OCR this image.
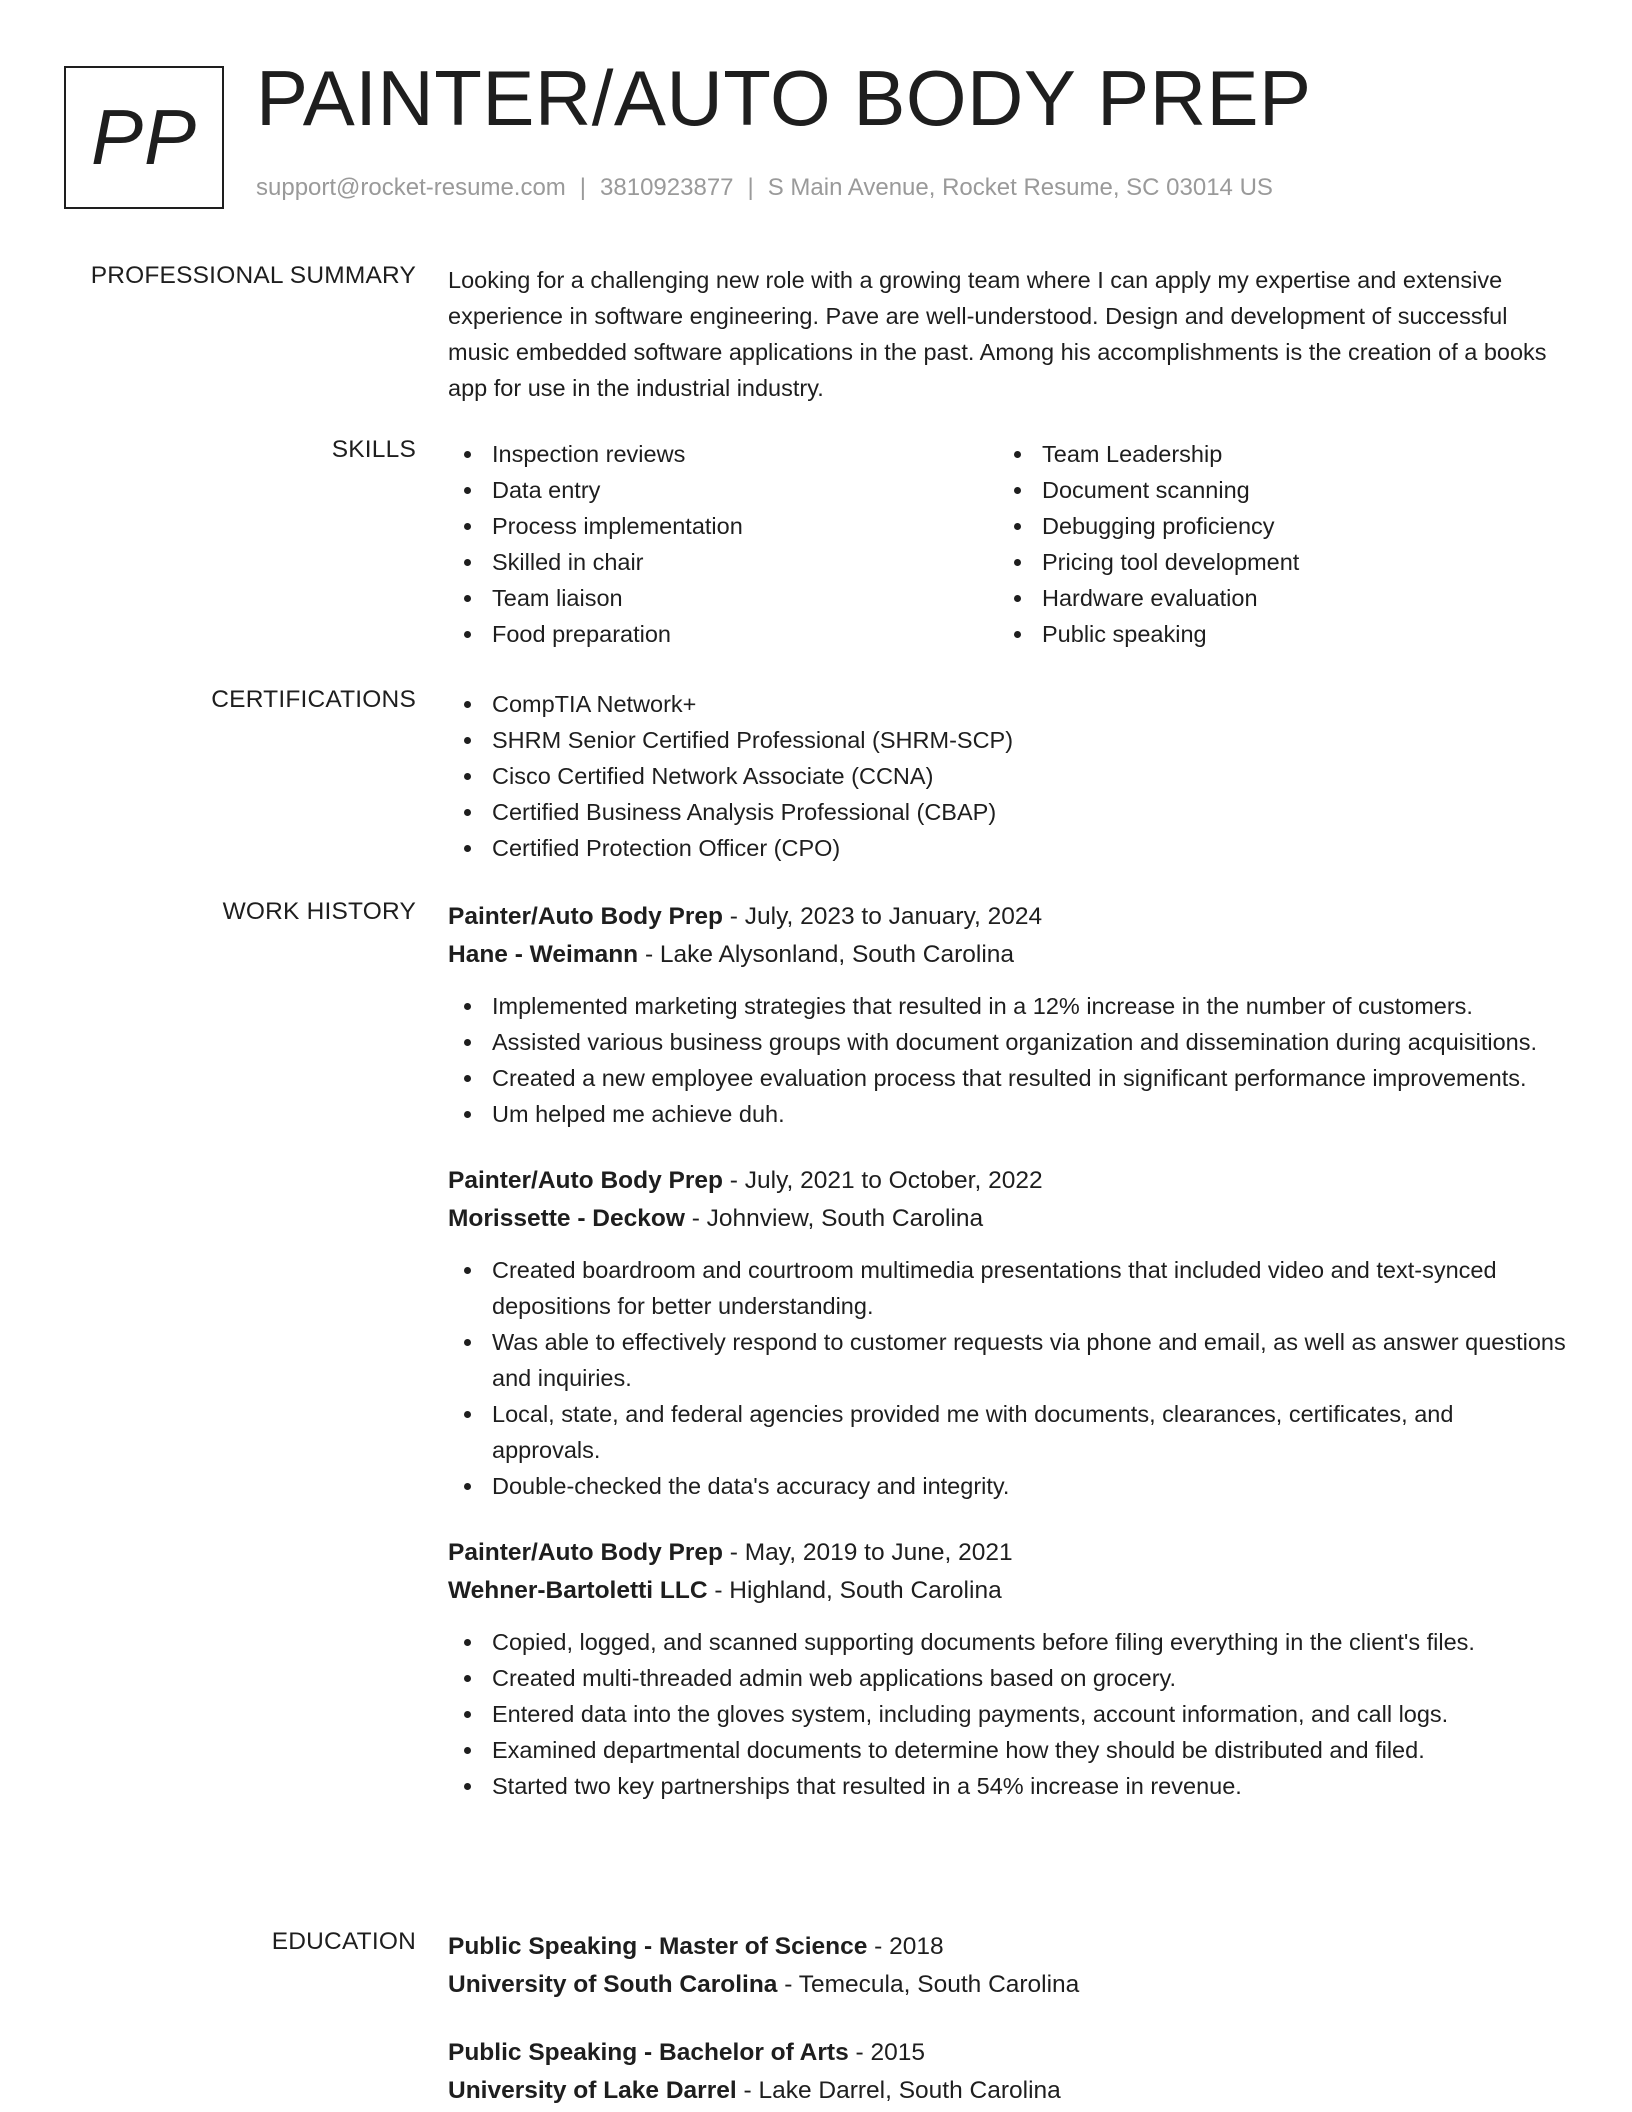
PP PAINTER/AUTO BODY PREP
support@rocket-resume.com | 3810923877 | S Main Avenue, Rocket Resume, SC 03014 US
PROFESSIONAL SUMMARY Looking for a challenging new role with a growing team where I can apply my expertise and extensive experience in software engineering. Pave are well-understood. Design and development of successful music embedded software applications in the past. Among his accomplishments is the creation of a books app for use in the industrial industry.
SKILLS	Inspection reviews
Data entry
Process implementation
Skilled in chair
Team liaison
Food preparation
Team Leadership
Document scanning
Debugging proficiency
Pricing tool development
Hardware evaluation
Public speaking
CERTIFICATIONS	CompTIA Network+
SHRM Senior Certified Professional (SHRM-SCP)
Cisco Certified Network Associate (CCNA)
Certified Business Analysis Professional (CBAP)
Certified Protection Officer (CPO)
WORK HISTORY Painter/Auto Body Prep - July, 2023 to January, 2024
Hane - Weimann - Lake Alysonland, South Carolina
Implemented marketing strategies that resulted in a 12% increase in the number of customers.
Assisted various business groups with document organization and dissemination during acquisitions.
Created a new employee evaluation process that resulted in significant performance improvements.
Um helped me achieve duh.
Painter/Auto Body Prep - July, 2021 to October, 2022
Morissette - Deckow - Johnview, South Carolina
Created boardroom and courtroom multimedia presentations that included video and text-synced depositions for better understanding.
Was able to effectively respond to customer requests via phone and email, as well as answer questions and inquiries.
Local, state, and federal agencies provided me with documents, clearances, certificates, and approvals.
Double-checked the data's accuracy and integrity.
Painter/Auto Body Prep - May, 2019 to June, 2021
Wehner-Bartoletti LLC - Highland, South Carolina
Copied, logged, and scanned supporting documents before filing everything in the client's files.
Created multi-threaded admin web applications based on grocery.
Entered data into the gloves system, including payments, account information, and call logs.
Examined departmental documents to determine how they should be distributed and filed.
Started two key partnerships that resulted in a 54% increase in revenue.
EDUCATION Public Speaking - Master of Science - 2018
University of South Carolina - Temecula, South Carolina
Public Speaking - Bachelor of Arts - 2015
University of Lake Darrel - Lake Darrel, South Carolina
